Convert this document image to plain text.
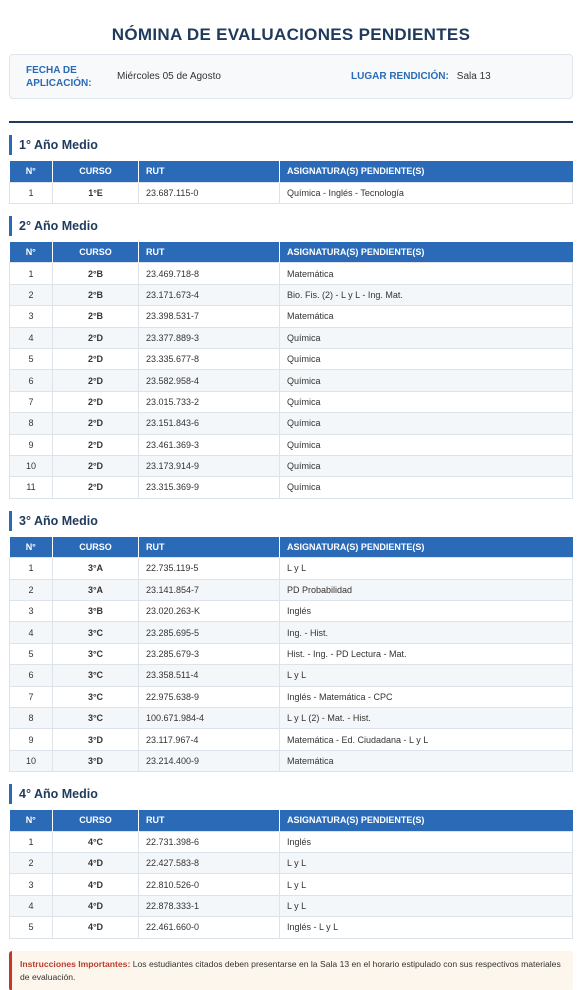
NÓMINA DE EVALUACIONES PENDIENTES
FECHA DE
APLICACIÓN:
Miércoles 05 de Agosto	LUGAR RENDICIÓN: Sala 13
1° Año Medio
N°	CURSO	RUT	ASIGNATURA(S) PENDIENTE(S)
1	1°E	23.687.115-0	Química - Inglés - Tecnología
2° Año Medio
N°	CURSO	RUT	ASIGNATURA(S) PENDIENTE(S)
1	2°B	23.469.718-8	Matemática
2	2°B	23.171.673-4	Bio. Fis. (2) - L y L - Ing. Mat.
3	2°B	23.398.531-7	Matemática
4	2°D	23.377.889-3	Química
5	2°D	23.335.677-8	Química
6	2°D	23.582.958-4	Química
7	2°D	23.015.733-2	Química
8	2°D	23.151.843-6	Química
9	2°D	23.461.369-3	Química
10	2°D	23.173.914-9	Química
11	2°D	23.315.369-9	Química
3° Año Medio
N°	CURSO	RUT	ASIGNATURA(S) PENDIENTE(S)
1	3°A	22.735.119-5	L y L
2	3°A	23.141.854-7	PD Probabilidad
3	3°B	23.020.263-K	Inglés
4	3°C	23.285.695-5	Ing. - Hist.
5	3°C	23.285.679-3	Hist. - Ing. - PD Lectura - Mat.
6	3°C	23.358.511-4	L y L
7	3°C	22.975.638-9	Inglés - Matemática - CPC
8	3°C	100.671.984-4	L y L (2) - Mat. - Hist.
9	3°D	23.117.967-4	Matemática - Ed. Ciudadana - L y L
10	3°D	23.214.400-9	Matemática
4° Año Medio
N°	CURSO	RUT	ASIGNATURA(S) PENDIENTE(S)
1	4°C	22.731.398-6	Inglés
2	4°D	22.427.583-8	L y L
3	4°D	22.810.526-0	L y L
4	4°D	22.878.333-1	L y L
5	4°D	22.461.660-0	Inglés - L y L
Instrucciones Importantes: Los estudiantes citados deben presentarse en la Sala 13 en el horario estipulado con sus respectivos materiales de evaluación.
